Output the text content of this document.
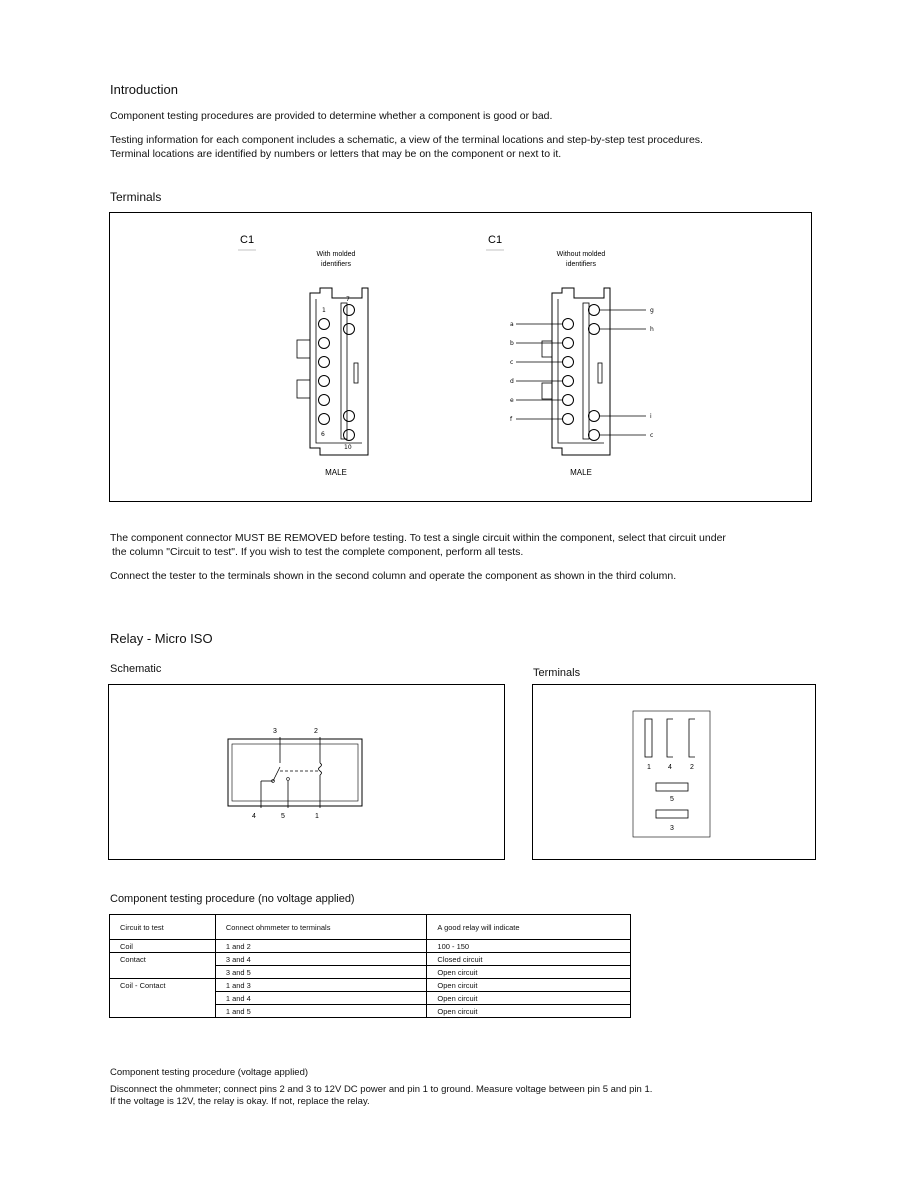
Introduction
Component testing procedures are provided to determine whether a component is good or bad.
Testing information for each component includes a schematic, a view of the terminal locations and step-by-step test procedures.
Terminal locations are identified by numbers or letters that may be on the component or next to it.
Terminals
C1
With molded
identifiers
1
7
6
10
MALE
C1
Without molded
identifiers
a
b
c
d
e
f
g
h
i
c
MALE
The component connector MUST BE REMOVED before testing. To test a single circuit within the component, select that circuit under
the column "Circuit to test". If you wish to test the complete component, perform all tests.
Connect the tester to the terminals shown in the second column and operate the component as shown in the third column.
Relay - Micro ISO
Schematic	Terminals
3	2
4	5	1
1 4	2
5
3
Component testing procedure (no voltage applied)
Circuit to test	Connect ohmmeter to terminals	A good relay will indicate
Coil	1 and 2	100 - 150
Contact	3 and 4	Closed circuit
	3 and 5	Open circuit
Coil - Contact	1 and 3	Open circuit
	1 and 4	Open circuit
	1 and 5	Open circuit
Component testing procedure (voltage applied)
Disconnect the ohmmeter; connect pins 2 and 3 to 12V DC power and pin 1 to ground. Measure voltage between pin 5 and pin 1.
If the voltage is 12V, the relay is okay. If not, replace the relay.
